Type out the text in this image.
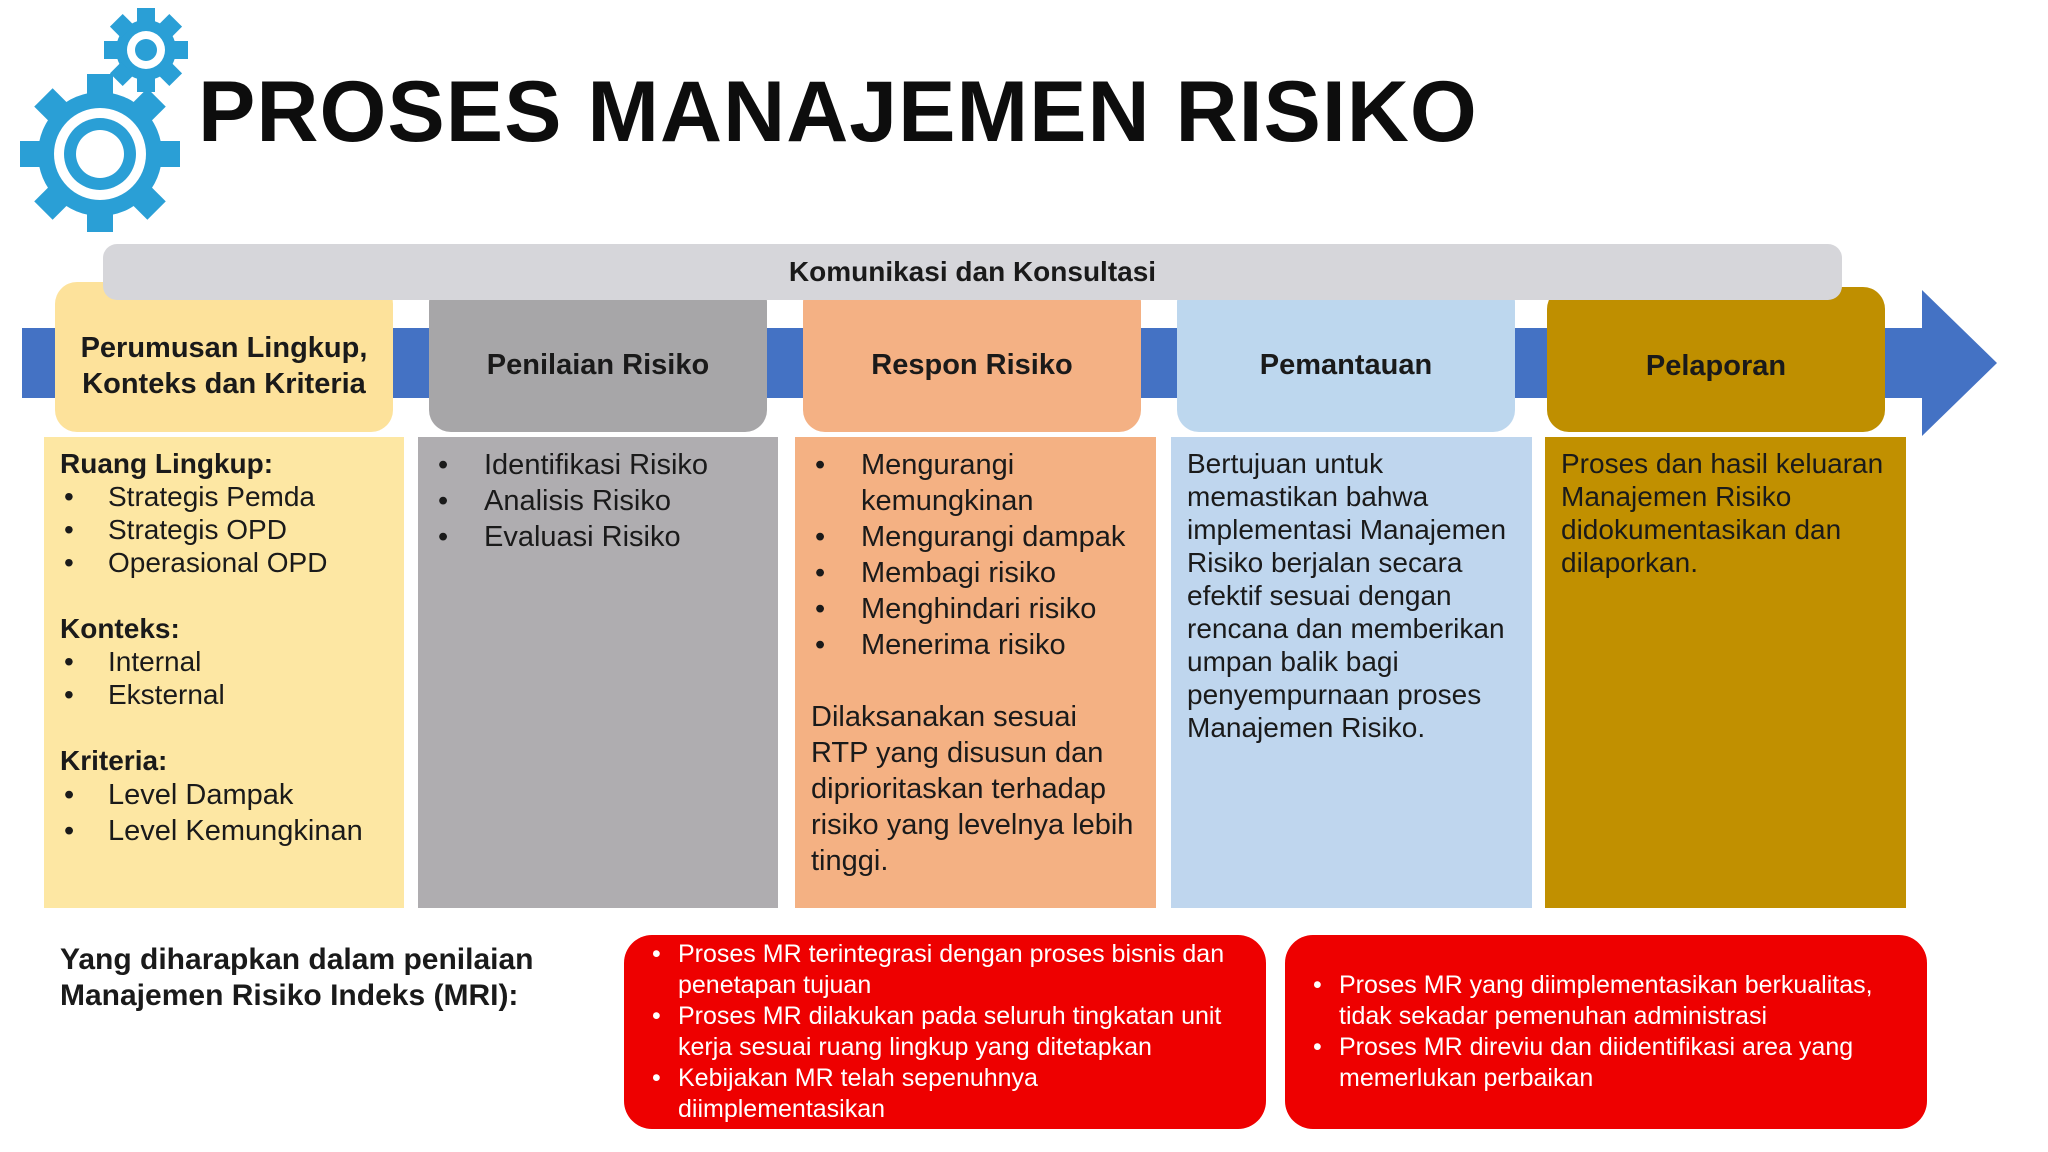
PROSES MANAJEMEN RISIKO
Komunikasi dan Konsultasi
Perumusan Lingkup, Konteks dan Kriteria
Penilaian Risiko	Respon Risiko	Pemantauan	Pelaporan
Ruang Lingkup:
• Strategis Pemda
• Strategis OPD
• Operasional OPD
Konteks:
• Internal
• Eksternal
Kriteria:
• Level Dampak
• Level Kemungkinan
• Identifikasi Risiko
• Analisis Risiko
• Evaluasi Risiko
• Mengurangi kemungkinan
• Mengurangi dampak
• Membagi risiko
• Menghindari risiko
• Menerima risiko
Dilaksanakan sesuai RTP yang disusun dan diprioritaskan terhadap risiko yang levelnya lebih tinggi.
Bertujuan untuk memastikan bahwa implementasi Manajemen Risiko berjalan secara efektif sesuai dengan rencana dan memberikan umpan balik bagi penyempurnaan proses Manajemen Risiko.
Proses dan hasil keluaran Manajemen Risiko didokumentasikan dan dilaporkan.
Yang diharapkan dalam penilaian Manajemen Risiko Indeks (MRI):
• Proses MR terintegrasi dengan proses bisnis dan penetapan tujuan
• Proses MR dilakukan pada seluruh tingkatan unit kerja sesuai ruang lingkup yang ditetapkan
• Kebijakan MR telah sepenuhnya diimplementasikan
• Proses MR yang diimplementasikan berkualitas, tidak sekadar pemenuhan administrasi
• Proses MR direviu dan diidentifikasi area yang memerlukan perbaikan
